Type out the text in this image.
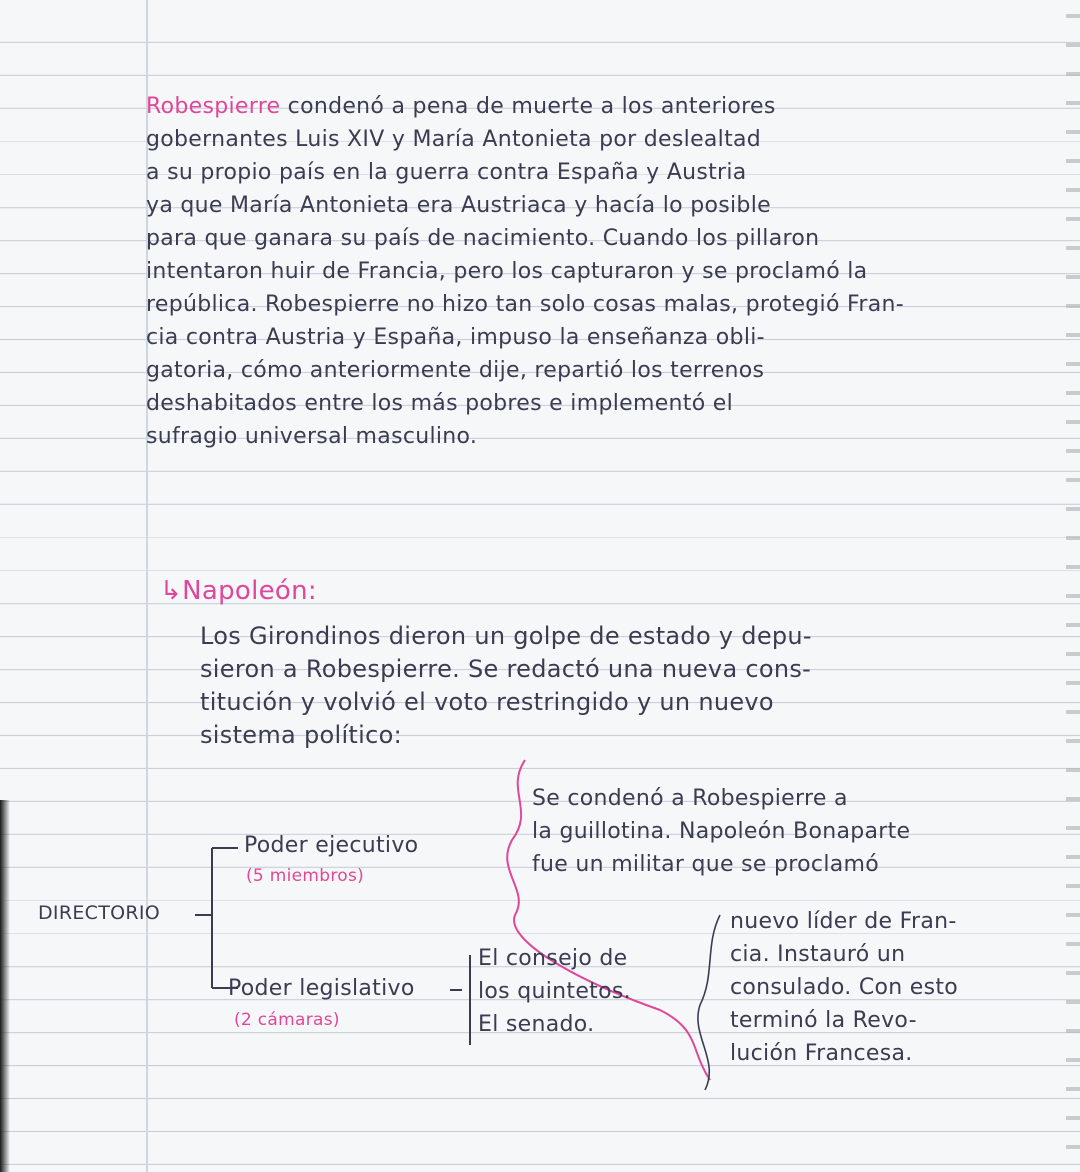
Robespierre condenó a pena de muerte a los anteriores
gobernantes Luis XIV y María Antonieta por deslealtad
a su propio país en la guerra contra España y Austria
ya que María Antonieta era Austriaca y hacía lo posible
para que ganara su país de nacimiento. Cuando los pillaron
intentaron huir de Francia, pero los capturaron y se proclamó la
república. Robespierre no hizo tan solo cosas malas, protegió Fran-
cia contra Austria y España, impuso la enseñanza obli-
gatoria, cómo anteriormente dije, repartió los terrenos
deshabitados entre los más pobres e implementó el
sufragio universal masculino.
↳Napoleón:
Los Girondinos dieron un golpe de estado y depu-
sieron a Robespierre. Se redactó una nueva cons-
titución y volvió el voto restringido y un nuevo
sistema político:
DIRECTORIO
Poder ejecutivo
(5 miembros)
Poder legislativo
(2 cámaras)
El consejo de
los quintetos.
El senado.
Se condenó a Robespierre a
la guillotina. Napoleón Bonaparte
fue un militar que se proclamó
nuevo líder de Fran-
cia. Instauró un
consulado. Con esto
terminó la Revo-
lución Francesa.
